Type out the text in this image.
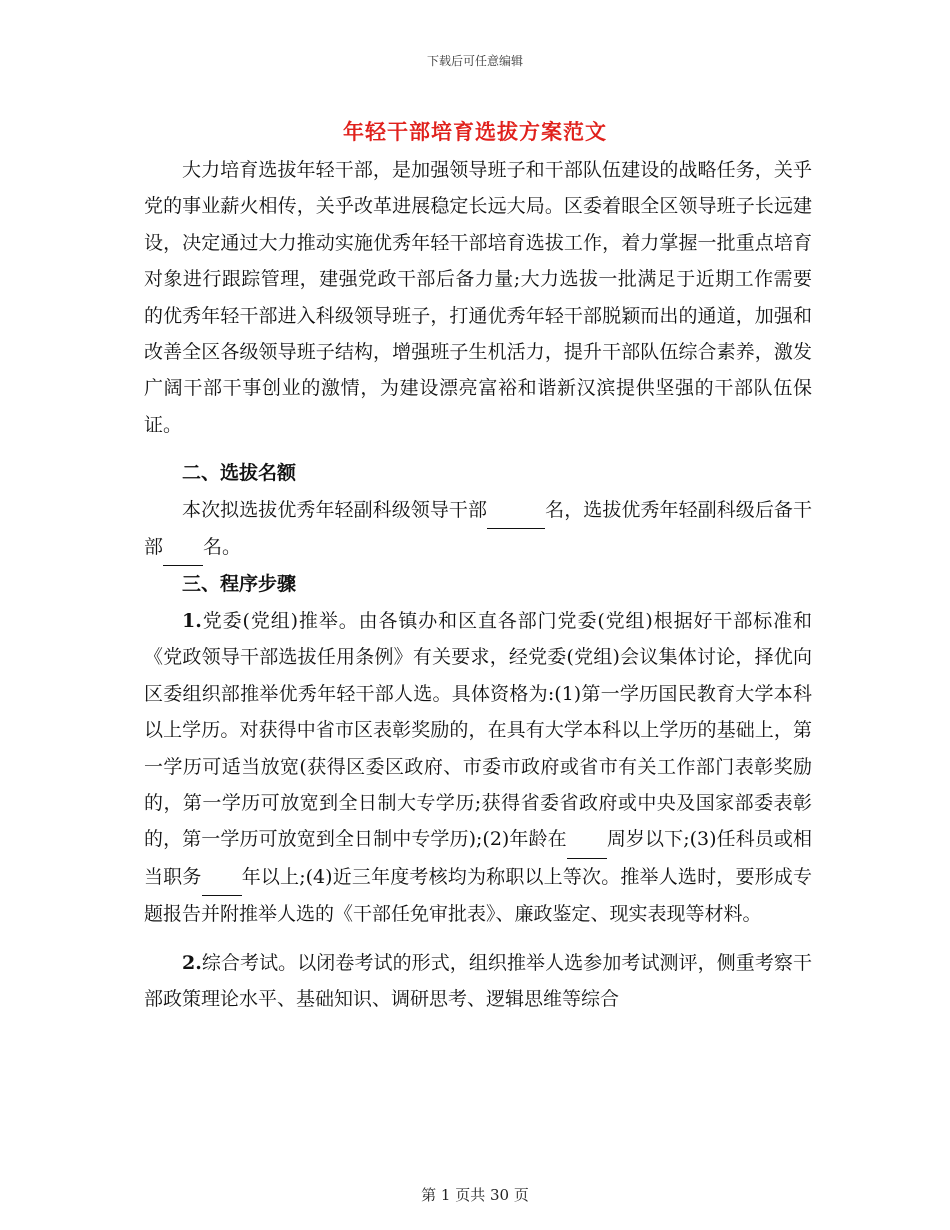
下载后可任意编辑
年轻干部培育选拔方案范文

大力培育选拔年轻干部，是加强领导班子和干部队伍建设的战略任务，关乎党的事业薪火相传，关乎改革进展稳定长远大局。区委着眼全区领导班子长远建设，决定通过大力推动实施优秀年轻干部培育选拔工作，着力掌握一批重点培育对象进行跟踪管理，建强党政干部后备力量;大力选拔一批满足于近期工作需要的优秀年轻干部进入科级领导班子，打通优秀年轻干部脱颖而出的通道，加强和改善全区各级领导班子结构，增强班子生机活力，提升干部队伍综合素养，激发广阔干部干事创业的激情，为建设漂亮富裕和谐新汉滨提供坚强的干部队伍保证。

二、选拔名额

本次拟选拔优秀年轻副科级领导干部	名，选拔优秀年轻副科级后备干部 名。

三、程序步骤

1.党委(党组)推举。由各镇办和区直各部门党委(党组)根据好干部标准和《党政领导干部选拔任用条例》有关要求，经党委(党组)会议集体讨论，择优向区委组织部推举优秀年轻干部人选。具体资格为:(1)第一学历国民教育大学本科以上学历。对获得中省市区表彰奖励的，在具有大学本科以上学历的基础上，第一学历可适当放宽(获得区委区政府、市委市政府或省市有关工作部门表彰奖励的，第一学历可放宽到全日制大专学历;获得省委省政府或中央及国家部委表彰的，第一学历可放宽到全日制中专学历);(2)年龄在 周岁以下;(3)任科员或相当职务 年以上;(4)近三年度考核均为称职以上等次。推举人选时，要形成专题报告并附推举人选的《干部任免审批表》、廉政鉴定、现实表现等材料。

2.综合考试。以闭卷考试的形式，组织推举人选参加考试测评，侧重考察干部政策理论水平、基础知识、调研思考、逻辑思维等综合

第 1 页共 30 页
